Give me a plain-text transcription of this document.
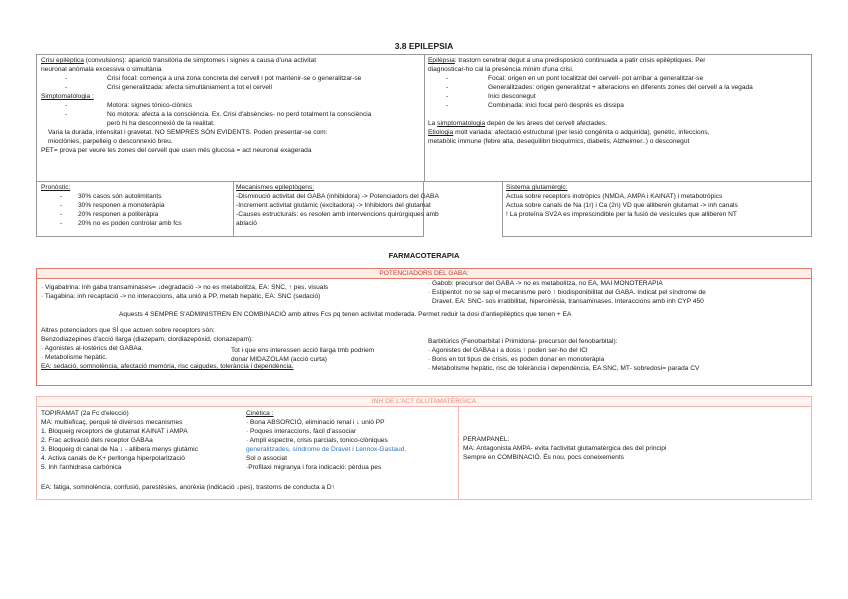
3.8 EPILEPSIA
Crisi epilèptica (convulsions): aparició transitòria de simptomes i signes a causa d'una activitat
neuronal anòmala excessiva o simultània
-	Crisi focal: comença a una zona concreta del cervell i pot mantenir-se o generalitzar-se
-	Crisi generalitzada: afecta simultàniament a tot el cervell
Simptomatologia :
-	Motora: signes tònico-clònics
-	No motora: afecta a la consciència. Ex. Crisi d'absències- no perd totalment la consciència
però hi ha desconnexió de la realitat.
Varia la durada, intensitat i gravetat. NO SEMPRES SÓN EVIDENTS. Poden presentar-se com:
mioclònies, parpelleig o desconnexió breu.
PET= prova per veure les zones del cervell que usen més glucosa = act neuronal exagerada
Epilèpsia: trastorn cerebral degut a una predisposició continuada a patir crisis epilèptiques. Per
diagnosticar-ho cal la presència mínim d'una crisi.
-	Focal: origen en un punt localitzat del cervell- pot arribar a generalitzar-se
-	Generalitzades: origen generalitzat + alteracions en diferents zones del cervell a la vegada
-	Inici desconegut
-	Combinada: inici focal però després es dissipa
La simptomatologia depèn de les àrees del cervell afectades.
Etiologia molt variada: afectació estructural (per lesió congènita o adquirida), genètic, infeccions,
metabòlic immune (febre alta, desequilibri bioquímics, diabetis, Alzheimer..) o desconegut
Pronòstic:
- 30% casos són autolimitants
- 30% responen a monoteràpia
- 20% responen a politeràpia
- 20% no es poden controlar amb fcs
Mecanismes epileptògens:
-Disminució activitat del GABA (inhibidora) -> Potenciadors del GABA
-Increment activitat glutàmic (excitadora) -> Inhibidors del glutamat
-Causes estructurals: es resolen amb intervencions quirúrgiques amb
ablació
Sistema glutamèrgic:
Actua sobre receptors inotròpics (NMDA, AMPA i KAINAT) i metabotròpics
Actua sobre canals de Na (1r) i Ca (2n) VD que alliberen glutamat -> inh canals
! La proteïna SV2A es imprescindible per la fusió de vesícules que alliberen NT
FARMACOTERAPIA
POTENCIADORS DEL GABA:
· Vigabatrina: inh gaba transaminases= ↓degradació -> no es metabolitza, EA: SNC, ↑ pes, visuals
· Tiagabina: inh recaptació -> no interaccions, alta unió a PP, metab hepàtic, EA: SNC (sedació)
· Gabob: precursor del GABA -> no es metabolitza, no EA, MAI MONOTERAPIA
· Estipentol: no se sap el mecanisme però ↑ biodisponibilitat del GABA. Indicat pel síndrome de
Dravet. EA: SNC- sos irratibilitat, hipercinèsia, transaminases. Interaccions amb inh CYP 450
Aquests 4 SEMPRE S'ADMINISTREN EN COMBINACIÓ amb altres Fcs pq tenen activitat moderada. Permet reduir la dosi d'antiepilèptics que tenen + EA
Altres potenciadors que SÍ que actuen sobre receptors són:
Benzodiazepines d'acció llarga (diazepam, clordiazepòxid, clonazepam):
· Agonistes al·lostèrics del GABAa.
· Metabolisme hepàtic.
EA: sedació, somnolència, afectació memòria, risc caigudes, tolerància i dependència.
Tot i que ens interessen acció llarga tmb podriem
donar MIDAZOLAM (acció curta)
Barbitúrics (Fenobarbital i Primidona- precursor del fenobarbital):
· Agonistes del GABAa i a dosis ↑ poden ser-ho del ICl
· Bons en tot tipus de crisis, es poden donar en monoteràpia
· Metabolisme hepàtic, risc de tolerància i dependència, EA SNC, MT- sobredosi= parada CV
INH DE L'ACT GLUTAMATÈRGICA
TOPIRAMAT (2a Fc d'elecció)
MA: multieficaç, perquè té diversos mecanismes
1. Bloqueig receptors de glutamat KAINAT i AMPA
2. Frac activació dels receptor GABAa
3. Bloqueig di canal de Na ↓ - allibera menys glutàmic
4. Activa canals de K+ perllonga hiperpolarització
5. Inh l'anhidrasa carbònica
EA: fatiga, somnolència, confusió, parestèsies, anorèxia (indicació ↓pes), trastorns de conducta a D↑
Cinètica :
· Bona ABSORCIÓ, eliminació renal i ↓ unió PP
· Poques interaccions, fàcil d'associar
· Ampli espectre, crisis parcials, tonico-clòniques
generalitzades, síndrome de Dravet i Lennox-Gastaud.
Sol o associat
·Profilaxi migranya i fora indicació: pèrdua pes
PERAMPANEL:
MA: Antagonista AMPA- evita l'activitat glutamatèrgica des del principi
Sempre en COMBINACIÓ. És nou, pocs coneixements
